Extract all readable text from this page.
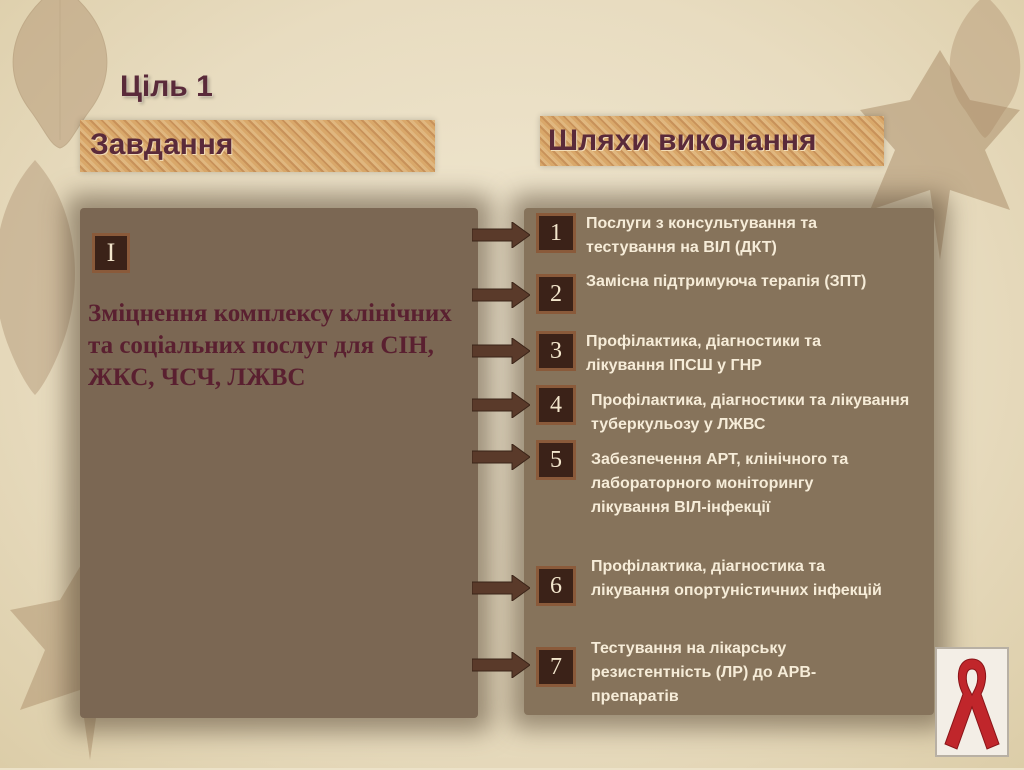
Ціль 1
Завдання	Шляхи виконання
I
Зміцнення комплексу клінічних та соціальних послуг для СІН, ЖКС, ЧСЧ, ЛЖВС
1
2
3
4
5
6
7
Послуги з консультування та тестування на ВІЛ (ДКТ)
Замісна підтримуюча терапія (ЗПТ)
Профілактика, діагностики та лікування ІПСШ у ГНР
Профілактика, діагностики та лікування туберкульозу у ЛЖВС
Забезпечення АРТ, клінічного та лабораторного моніторингу лікування ВІЛ-інфекції
Профілактика, діагностика та лікування опортуністичних інфекцій
Тестування на лікарську резистентність (ЛР) до АРВ-препаратів
